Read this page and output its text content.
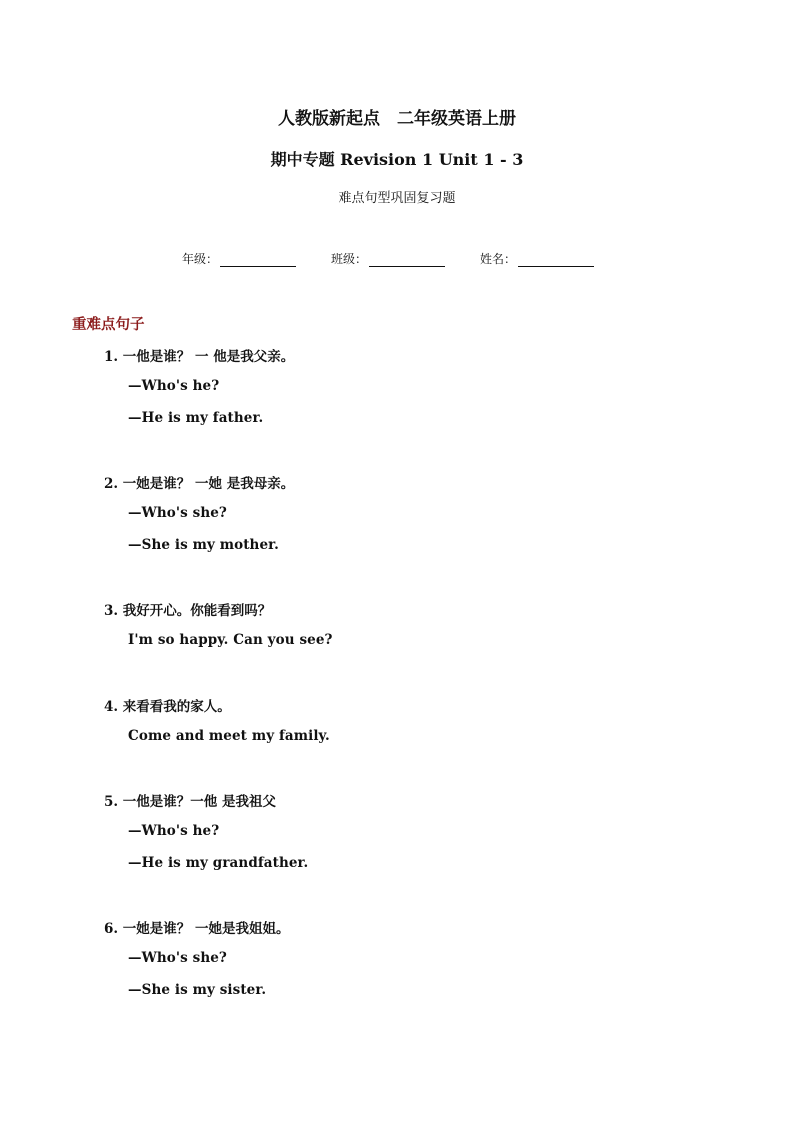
人教版新起点　二年级英语上册
期中专题 Revision 1 Unit 1 - 3
难点句型巩固复习题
年级：	班级：	姓名：
重难点句子
1. 一他是谁？ 一 他是我父亲。
—Who's he?
—He is my father.
2. 一她是谁？ 一她 是我母亲。
—Who's she?
—She is my mother.
3. 我好开心。你能看到吗？
I'm so happy. Can you see?
4. 来看看我的家人。
Come and meet my family.
5. 一他是谁？一他 是我祖父
—Who's he?
—He is my grandfather.
6. 一她是谁？ 一她是我姐姐。
—Who's she?
—She is my sister.
